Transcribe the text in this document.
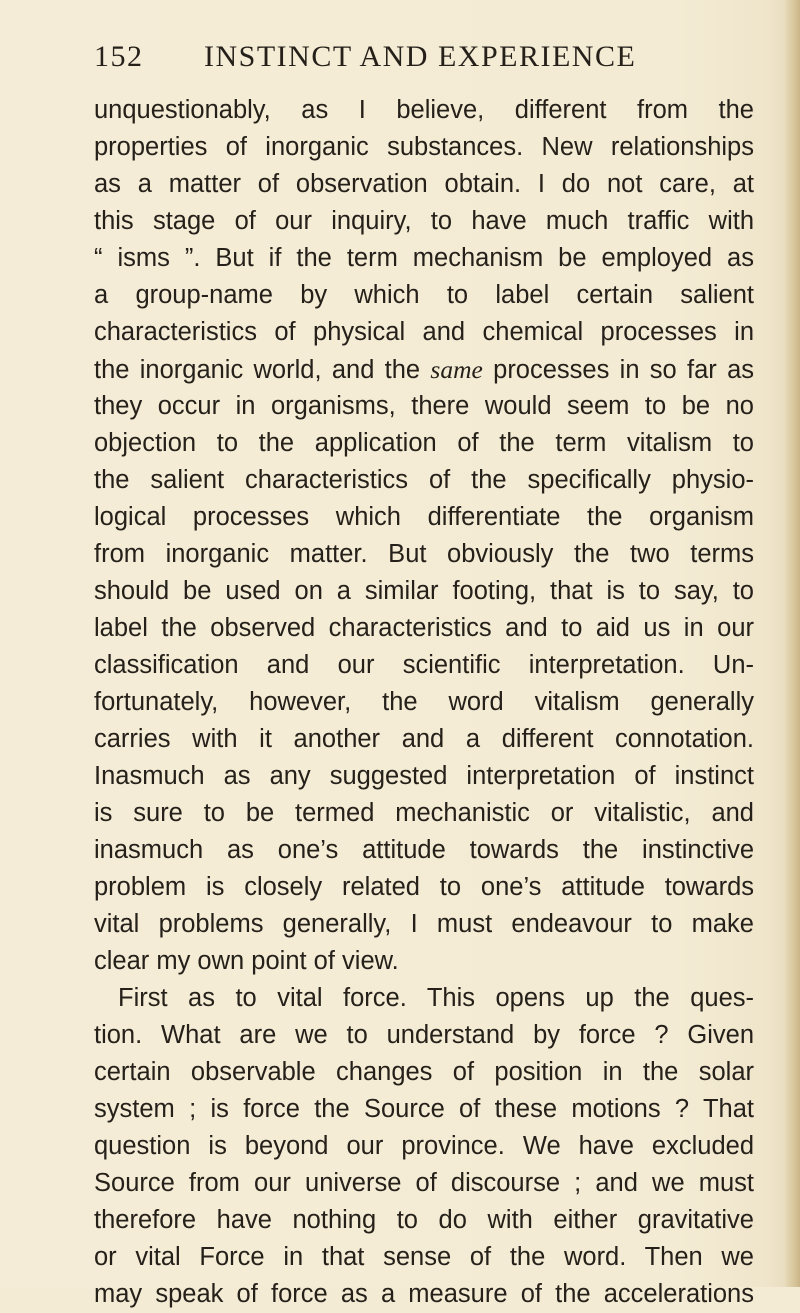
152 INSTINCT AND EXPERIENCE
unquestionably, as I believe, different from the
properties of inorganic substances. New relationships
as a matter of observation obtain. I do not care, at
this stage of our inquiry, to have much traffic with
“ isms ”. But if the term mechanism be employed as
a group-name by which to label certain salient
characteristics of physical and chemical processes in
the inorganic world, and the same processes in so far as
they occur in organisms, there would seem to be no
objection to the application of the term vitalism to
the salient characteristics of the specifically physio-
logical processes which differentiate the organism
from inorganic matter. But obviously the two terms
should be used on a similar footing, that is to say, to
label the observed characteristics and to aid us in our
classification and our scientific interpretation. Un-
fortunately, however, the word vitalism generally
carries with it another and a different connotation.
Inasmuch as any suggested interpretation of instinct
is sure to be termed mechanistic or vitalistic, and
inasmuch as one’s attitude towards the instinctive
problem is closely related to one’s attitude towards
vital problems generally, I must endeavour to make
clear my own point of view.
First as to vital force. This opens up the ques-
tion. What are we to understand by force ? Given
certain observable changes of position in the solar
system ; is force the Source of these motions ? That
question is beyond our province. We have excluded
Source from our universe of discourse ; and we must
therefore have nothing to do with either gravitative
or vital Force in that sense of the word. Then we
may speak of force as a measure of the accelerations
